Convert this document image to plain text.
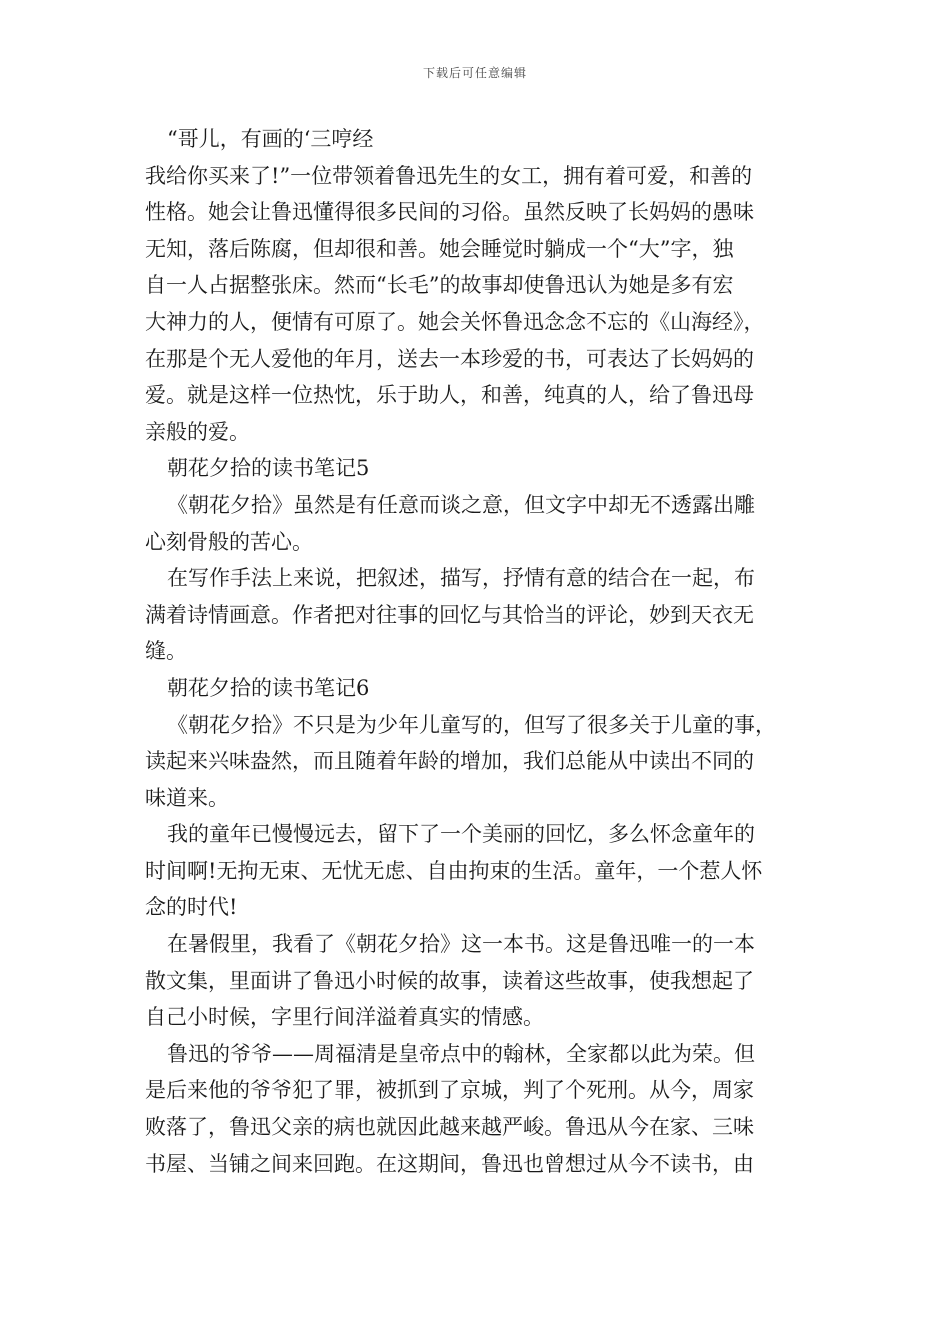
下载后可任意编辑
“哥儿，有画的‘三哼经
我给你买来了!”一位带领着鲁迅先生的女工，拥有着可爱，和善的
性格。她会让鲁迅懂得很多民间的习俗。虽然反映了长妈妈的愚味
无知，落后陈腐，但却很和善。她会睡觉时躺成一个“大”字，独
自一人占据整张床。然而“长毛”的故事却使鲁迅认为她是多有宏
大神力的人，便情有可原了。她会关怀鲁迅念念不忘的《山海经》，
在那是个无人爱他的年月，送去一本珍爱的书，可表达了长妈妈的
爱。就是这样一位热忱，乐于助人，和善，纯真的人，给了鲁迅母
亲般的爱。
朝花夕拾的读书笔记5
《朝花夕拾》虽然是有任意而谈之意，但文字中却无不透露出雕
心刻骨般的苦心。
在写作手法上来说，把叙述，描写，抒情有意的结合在一起，布
满着诗情画意。作者把对往事的回忆与其恰当的评论，妙到天衣无
缝。
朝花夕拾的读书笔记6
《朝花夕拾》不只是为少年儿童写的，但写了很多关于儿童的事，
读起来兴味盎然，而且随着年龄的增加，我们总能从中读出不同的
味道来。
我的童年已慢慢远去，留下了一个美丽的回忆，多么怀念童年的
时间啊!无拘无束、无忧无虑、自由拘束的生活。童年，一个惹人怀
念的时代!
在暑假里，我看了《朝花夕拾》这一本书。这是鲁迅唯一的一本
散文集，里面讲了鲁迅小时候的故事，读着这些故事，使我想起了
自己小时候，字里行间洋溢着真实的情感。
鲁迅的爷爷——周福清是皇帝点中的翰林，全家都以此为荣。但
是后来他的爷爷犯了罪，被抓到了京城，判了个死刑。从今，周家
败落了，鲁迅父亲的病也就因此越来越严峻。鲁迅从今在家、三味
书屋、当铺之间来回跑。在这期间，鲁迅也曾想过从今不读书，由
